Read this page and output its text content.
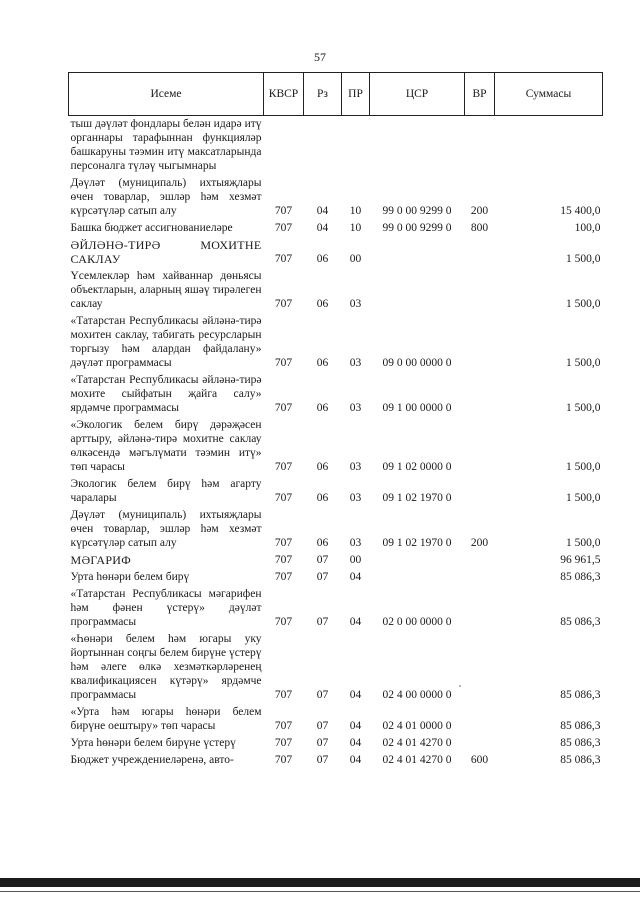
57
Исеме	КВСР	Рз	ПР	ЦСР	ВР	Суммасы
тыш дәүләт фондлары белән идарә итү органнары тарафыннан функцияләр башкаруны тәэмин итү максатларында персоналга түләү чыгымнары						
Дәүләт (муниципаль) ихтыяҗлары өчен товарлар, эшләр һәм хезмәт күрсәтүләр сатып алу	707	04	10	99 0 00 9299 0	200	15 400,0
Башка бюджет ассигнованиеләре	707	04	10	99 0 00 9299 0	800	100,0
ӘЙЛӘНӘ-ТИРӘ МОХИТНЕ САКЛАУ	707	06	00			1 500,0
Үсемлекләр һәм хайваннар дөньясы объектларын, аларның яшәү тирәлеген саклау	707	06	03			1 500,0
«Татарстан Республикасы әйләнә-тирә мохитен саклау, табигать ресурсларын торгызу һәм алардан файдалану» дәүләт программасы	707	06	03	09 0 00 0000 0		1 500,0
«Татарстан Республикасы әйләнә-тирә мохите сыйфатын җайга салу» ярдәмче программасы	707	06	03	09 1 00 0000 0		1 500,0
«Экологик белем бирү дәрәҗәсен арттыру, әйләнә-тирә мохитне саклау өлкәсендә мәгълүмати тәэмин итү» төп чарасы	707	06	03	09 1 02 0000 0		1 500,0
Экологик белем бирү һәм агарту чаралары	707	06	03	09 1 02 1970 0		1 500,0
Дәүләт (муниципаль) ихтыяҗлары өчен товарлар, эшләр һәм хезмәт күрсәтүләр сатып алу	707	06	03	09 1 02 1970 0	200	1 500,0
МӘГАРИФ	707	07	00			96 961,5
Урта һөнәри белем бирү	707	07	04			85 086,3
«Татарстан Республикасы мәгарифен һәм фәнен үстерү» дәүләт программасы	707	07	04	02 0 00 0000 0		85 086,3
«Һөнәри белем һәм югары уку йортыннан соңгы белем бирүне үстерү һәм әлеге өлкә хезмәткәрләренең квалификациясен күтәрү» ярдәмче программасы	707	07	04	02 4 00 0000 0		85 086,3
«Урта һәм югары һөнәри белем бирүне оештыру» төп чарасы	707	07	04	02 4 01 0000 0		85 086,3
Урта һөнәри белем бирүне үстерү	707	07	04	02 4 01 4270 0		85 086,3
Бюджет учреждениеләренә, авто-	707	07	04	02 4 01 4270 0	600	85 086,3
